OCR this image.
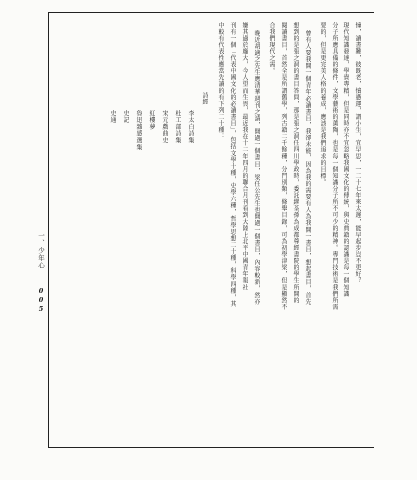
憧，讀書難，彼既老，憤懣運，謂小生，宜早思，一二十七年來太遲，能早起步豈不更好？
現代知識發達，學貴專精，但是同時亦不宜忽略我國文化的傳統，與史典籍的認識是每一個知識
分子所應具備的條件，文學藝術的薰陶，也是每一個知識分子所不可少的精神。專門技術是我們所需
要的，但是更完美人格的養成，應該是我們追求的目標。
曾有人要我開一個青年必讀書目，我卻未能，因為我的需要有人為我開一書目，想起書目，首先
想到的是張之洞的書目答問，那是張之洞任四川學政時，委託繆荃孫為成都尊經書院的學生所開的
閱讀書目，首然全是所謂舊學，列古籍二千餘種，分門別類，條舉目錄，可為初學津梁，但是顯然不
合我們現代之需。
晚近胡適之先生應清華週刊之請，開過一個書目，梁任公先生也開過一個書目，內容較新，然亦
嫌其過於龐大，今人望而生畏，最近我在十二年四月的聯合月刊看到大陸上北平中國青年報社
刊有一個「代表中國文化的必讀書目」，包括文學十種，史學六種，哲學思想二十種，科學四種，其
中較有代表性應當先讀的有下列二十種：
詩經
李太白詩集
杜工部詩集
宋元戲曲史
紅樓夢
魯迅雜感選集
史記
史通
一、少年心 005
